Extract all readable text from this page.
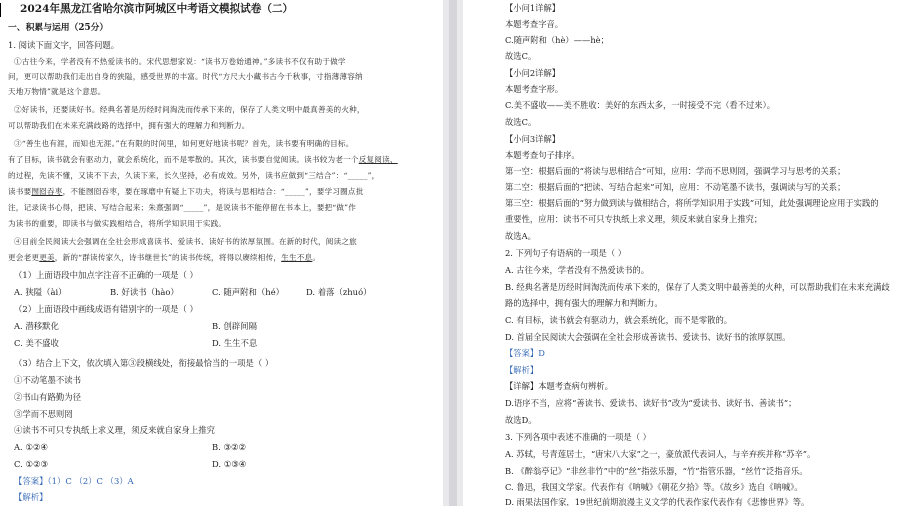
2024年黑龙江省哈尔滨市阿城区中考语文模拟试卷（二）
一、积累与运用（25分）
1. 阅读下面文字，回答问题。
①古往今来，学者没有不热爱读书的。宋代思想家说：“读书万卷始通神。”多读书不仅有助于做学
问，更可以帮助我们走出自身的狭隘，感受世界的丰富。时代“方尺大小藏书古今千秋事，寸指薄薄容纳
天地万物情”就是这个意思。
②好读书，还要读好书。经典名著是历经时间淘洗而传承下来的，保存了人类文明中最真善美的火种，
可以帮助我们在未来充满歧路的选择中，拥有强大的理解力和判断力。
③“善生也有涯，而知也无涯。”在有限的时间里，如何更好地读书呢？首先，读书要有明确的目标。
有了目标，读书就会有驱动力，就会系统化，而不是零散的。其次，读书要自觉阅读。读书较为老一个反复阅读、
的过程，先读不懂，又读不下去，久读下来，长久坚持，必有成效。另外，读书应做到“三结合”：“_____”，
读书要囫囵吞枣，不能囫囵吞枣，要在琢磨中有疑上下功夫，将读与思相结合：“_____”，要学习圈点批
注，记录读书心得，把读、写结合起来；朱熹强调“_____”，是说读书不能停留在书本上，要把“做”作
为读书的重要，即读书与做实践相结合，将所学知识用于实践。
④目前全民阅读大会强调在全社会形成喜读书、爱读书、读好书的浓厚氛围。在新的时代，阅读之旅
更会老更更美，新的“群读传家久，诗书继世长”的读书传统，将得以赓续相传，生生不息。
（1）上面语段中加点字注音不正确的一项是（ ）
A. 狭隘（ài）	B. 好读书（hào）	C. 随声附和（hé）	D. 着落（zhuó）
（2）上面语段中画线成语有错别字的一项是（ ）
A. 潜移默化	B. 创辟间隔
C. 美不盛收	D. 生生不息
（3）结合上下文，依次填入第③段横线处，衔接最恰当的一项是（ ）
①不动笔墨不读书
②书山有路勤为径
③学而不思则罔
④读书不可只专执纸上求义理，须反来就自家身上推究
A. ①②④	B. ③②②
C. ①②③	D. ①③④
【答案】（1）C （2）C （3）A
【解析】
【小问1详解】
本题考查字音。
C.随声附和（hè）——hè；
故选C。
【小问2详解】
本题考查字形。
C.美不盛收——美不胜收：美好的东西太多，一时接受不完（看不过来）。
故选C。
【小问3详解】
本题考查句子排序。
第一空：根据后面的“将读与思相结合”可知，应用：学而不思则罔，强调学习与思考的关系；
第二空：根据后面的“把读、写结合起来”可知，应用：不动笔墨不读书，强调读与写的关系；
第三空：根据后面的“努力做到读与做相结合，将所学知识用于实践”可知，此处强调理论应用于实践的
重要性，应用：读书不可只专执纸上求义理，须反来就自家身上推究；
故选A。
2. 下列句子有语病的一项是（ ）
A. 古往今来，学者没有不热爱读书的。
B. 经典名著是历经时间淘洗而传承下来的，保存了人类文明中最善美的火种，可以帮助我们在未来充满歧
路的选择中，拥有强大的理解力和判断力。
C. 有目标，读书就会有驱动力，就会系统化，而不是零散的。
D. 首届全民阅读大会强调在全社会形成善读书、爱读书、读好书的浓厚氛围。
【答案】D
【解析】
【详解】本题考查病句辨析。
D.语序不当，应将“善读书、爱读书、读好书”改为“爱读书、读好书、善读书”；
故选D。
3. 下列各项中表述不准确的一项是（ ）
A. 苏轼，号青莲居士，“唐宋八大家”之一，豪放派代表词人，与辛弃疾并称“苏辛”。
B. 《醉翁亭记》“非丝非竹”中的“丝”指弦乐器，“竹”指管乐器，“丝竹”泛指音乐。
C. 鲁迅，我国文学家。代表作有《呐喊》《朝花夕拾》等。《故乡》选自《呐喊》。
D. 雨果法国作家，19世纪前期浪漫主义文学的代表作家代表作有《悲惨世界》等。
